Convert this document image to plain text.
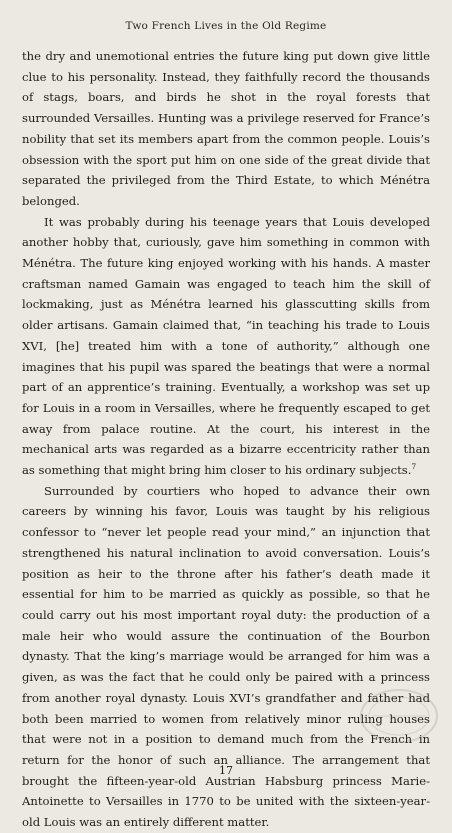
Two French Lives in the Old Regime

the dry and unemotional entries the future king put down give little clue to his personality. Instead, they faithfully record the thousands of stags, boars, and birds he shot in the royal forests that surrounded Versailles. Hunting was a privilege reserved for France’s nobility that set its members apart from the common people. Louis’s obsession with the sport put him on one side of the great divide that separated the privileged from the Third Estate, to which Ménétra belonged.

It was probably during his teenage years that Louis developed another hobby that, curiously, gave him something in common with Ménétra. The future king enjoyed working with his hands. A master craftsman named Gamain was engaged to teach him the skill of lockmaking, just as Ménétra learned his glasscutting skills from older artisans. Gamain claimed that, “in teaching his trade to Louis XVI, [he] treated him with a tone of authority,” although one imagines that his pupil was spared the beatings that were a normal part of an apprentice’s training. Eventually, a workshop was set up for Louis in a room in Versailles, where he frequently escaped to get away from palace routine. At the court, his interest in the mechanical arts was regarded as a bizarre eccentricity rather than as something that might bring him closer to his ordinary subjects.$^7$

Surrounded by courtiers who hoped to advance their own careers by winning his favor, Louis was taught by his religious confessor to “never let people read your mind,” an injunction that strengthened his natural inclination to avoid conversation. Louis’s position as heir to the throne after his father’s death made it essential for him to be married as quickly as possible, so that he could carry out his most important royal duty: the production of a male heir who would assure the continuation of the Bourbon dynasty. That the king’s marriage would be arranged for him was a given, as was the fact that he could only be paired with a princess from another royal dynasty. Louis XVI’s grandfather and father had both been married to women from relatively minor ruling houses that were not in a position to demand much from the French in return for the honor of such an alliance. The arrangement that brought the fifteen-year-old Austrian Habsburg princess Marie-Antoinette to Versailles in 1770 to be united with the sixteen-year-old Louis was an entirely different matter.

17
